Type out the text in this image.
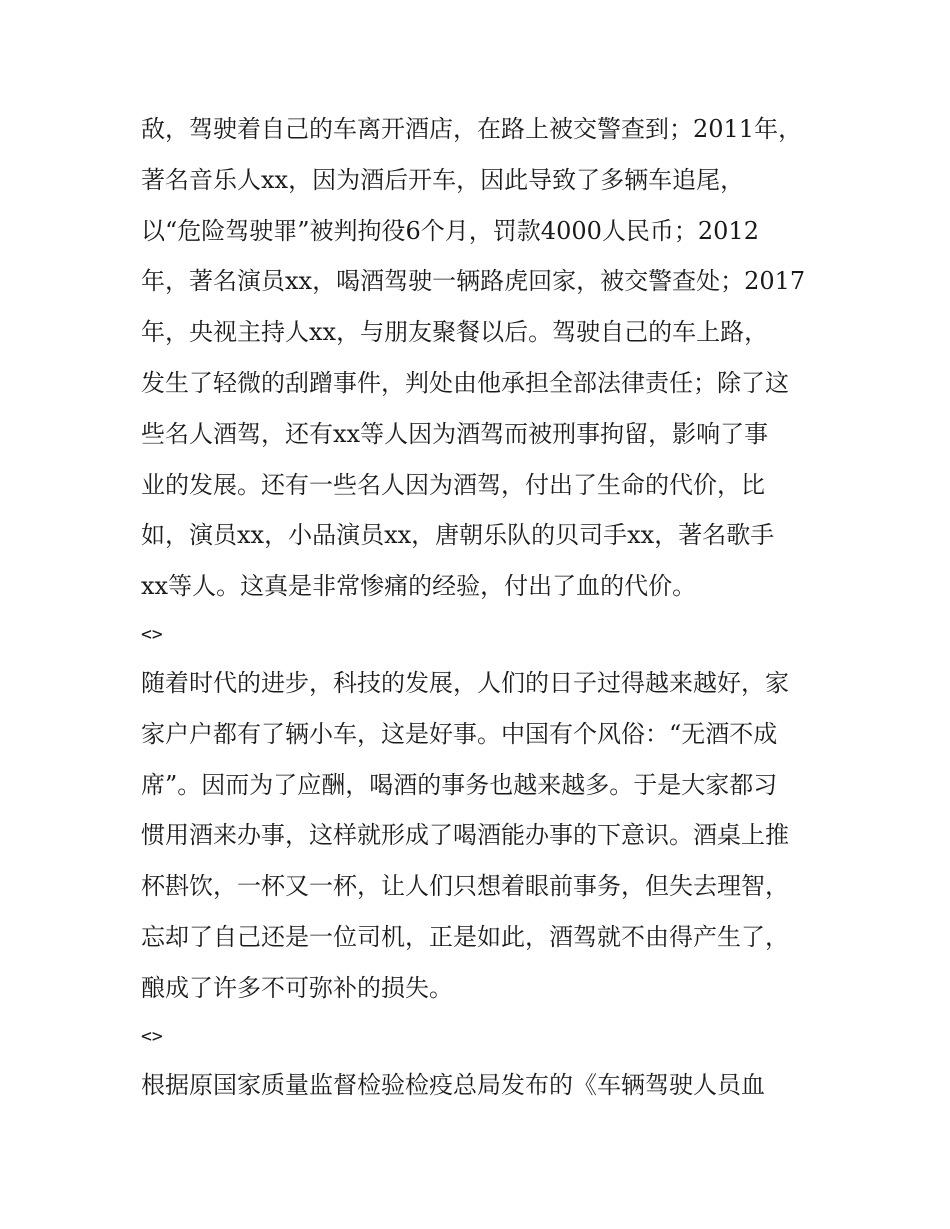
敌，驾驶着自己的车离开酒店，在路上被交警查到；2011年，
著名音乐人xx，因为酒后开车，因此导致了多辆车追尾，
以“危险驾驶罪”被判拘役6个月，罚款4000人民币；2012
年，著名演员xx，喝酒驾驶一辆路虎回家，被交警查处；2017
年，央视主持人xx，与朋友聚餐以后。驾驶自己的车上路，
发生了轻微的刮蹭事件，判处由他承担全部法律责任；除了这
些名人酒驾，还有xx等人因为酒驾而被刑事拘留，影响了事
业的发展。还有一些名人因为酒驾，付出了生命的代价，比
如，演员xx，小品演员xx，唐朝乐队的贝司手xx，著名歌手
xx等人。这真是非常惨痛的经验，付出了血的代价。
<>
随着时代的进步，科技的发展，人们的日子过得越来越好，家
家户户都有了辆小车，这是好事。中国有个风俗：“无酒不成
席”。因而为了应酬，喝酒的事务也越来越多。于是大家都习
惯用酒来办事，这样就形成了喝酒能办事的下意识。酒桌上推
杯斟饮，一杯又一杯，让人们只想着眼前事务，但失去理智，
忘却了自己还是一位司机，正是如此，酒驾就不由得产生了，
酿成了许多不可弥补的损失。
<>
根据原国家质量监督检验检疫总局发布的《车辆驾驶人员血
